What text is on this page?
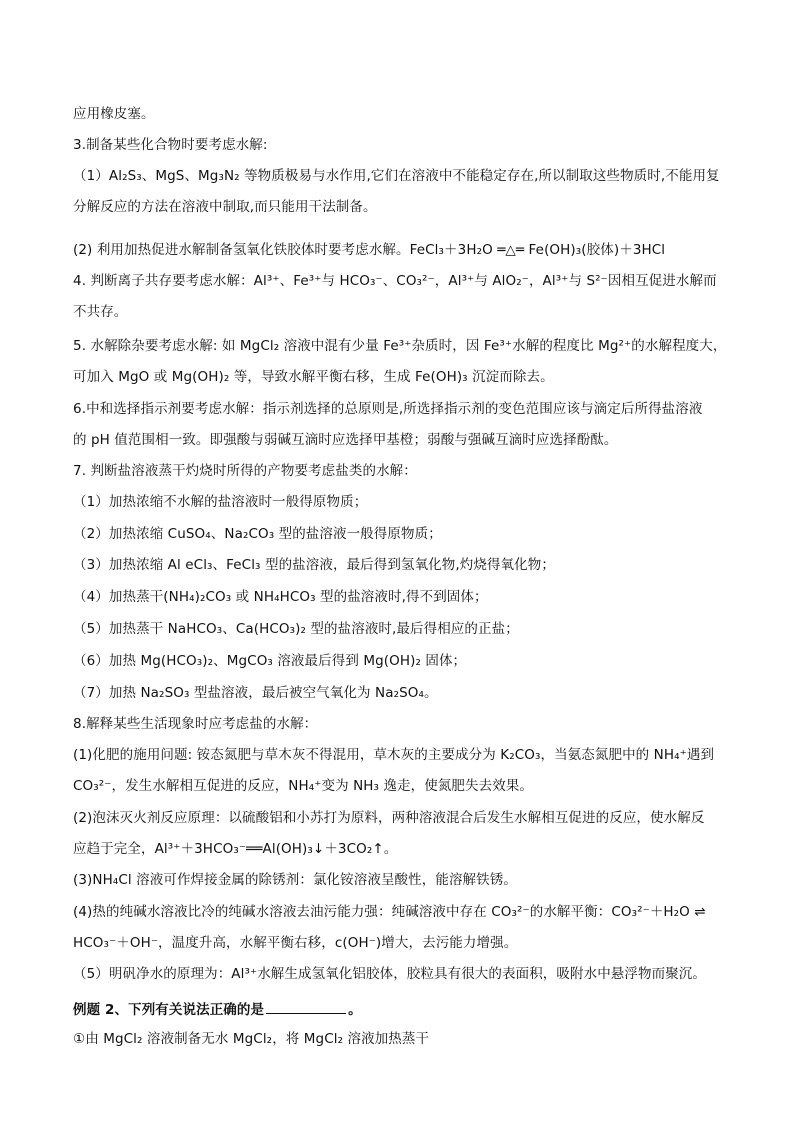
应用橡皮塞。
3.制备某些化合物时要考虑水解:
（1）Al₂S₃、MgS、Mg₃N₂ 等物质极易与水作用,它们在溶液中不能稳定存在,所以制取这些物质时,不能用复
分解反应的方法在溶液中制取,而只能用干法制备。
(2) 利用加热促进水解制备氢氧化铁胶体时要考虑水解。FeCl₃＋3H₂O ═△═ Fe(OH)₃(胶体)＋3HCl
4. 判断离子共存要考虑水解：Al³⁺、Fe³⁺与 HCO₃⁻、CO₃²⁻，Al³⁺与 AlO₂⁻，Al³⁺与 S²⁻因相互促进水解而
不共存。
5. 水解除杂要考虑水解: 如 MgCl₂ 溶液中混有少量 Fe³⁺杂质时，因 Fe³⁺水解的程度比 Mg²⁺的水解程度大，
可加入 MgO 或 Mg(OH)₂ 等，导致水解平衡右移，生成 Fe(OH)₃ 沉淀而除去。
6.中和选择指示剂要考虑水解：指示剂选择的总原则是,所选择指示剂的变色范围应该与滴定后所得盐溶液
的 pH 值范围相一致。即强酸与弱碱互滴时应选择甲基橙；弱酸与强碱互滴时应选择酚酞。
7. 判断盐溶液蒸干灼烧时所得的产物要考虑盐类的水解：
（1）加热浓缩不水解的盐溶液时一般得原物质；
（2）加热浓缩 CuSO₄、Na₂CO₃ 型的盐溶液一般得原物质；
（3）加热浓缩 Al eCl₃、FeCl₃ 型的盐溶液，最后得到氢氧化物,灼烧得氧化物；
（4）加热蒸干(NH₄)₂CO₃ 或 NH₄HCO₃ 型的盐溶液时,得不到固体；
（5）加热蒸干 NaHCO₃、Ca(HCO₃)₂ 型的盐溶液时,最后得相应的正盐；
（6）加热 Mg(HCO₃)₂、MgCO₃ 溶液最后得到 Mg(OH)₂ 固体；
（7）加热 Na₂SO₃ 型盐溶液，最后被空气氧化为 Na₂SO₄。
8.解释某些生活现象时应考虑盐的水解：
(1)化肥的施用问题: 铵态氮肥与草木灰不得混用，草木灰的主要成分为 K₂CO₃，当氨态氮肥中的 NH₄⁺遇到
CO₃²⁻，发生水解相互促进的反应，NH₄⁺变为 NH₃ 逸走，使氮肥失去效果。
(2)泡沫灭火剂反应原理：以硫酸铝和小苏打为原料，两种溶液混合后发生水解相互促进的反应，使水解反
应趋于完全，Al³⁺＋3HCO₃⁻══Al(OH)₃↓＋3CO₂↑。
(3)NH₄Cl 溶液可作焊接金属的除锈剂：氯化铵溶液呈酸性，能溶解铁锈。
(4)热的纯碱水溶液比冷的纯碱水溶液去油污能力强：纯碱溶液中存在 CO₃²⁻的水解平衡：CO₃²⁻＋H₂O ⇌
HCO₃⁻＋OH⁻，温度升高，水解平衡右移，c(OH⁻)增大，去污能力增强。
（5）明矾净水的原理为：Al³⁺水解生成氢氧化铝胶体，胶粒具有很大的表面积，吸附水中悬浮物而聚沉。
例题 2、下列有关说法正确的是	。
①由 MgCl₂ 溶液制备无水 MgCl₂，将 MgCl₂ 溶液加热蒸干
